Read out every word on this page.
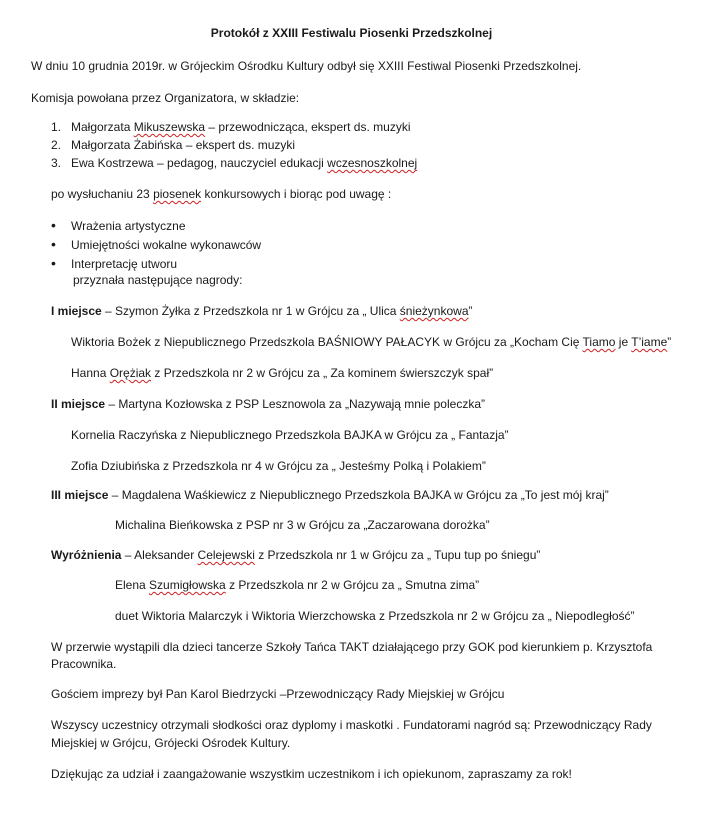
Protokół z XXIII Festiwalu Piosenki Przedszkolnej
W dniu 10 grudnia 2019r. w Grójeckim Ośrodku Kultury odbył się XXIII Festiwal Piosenki Przedszkolnej.
Komisja powołana przez Organizatora, w składzie:
1. Małgorzata Mikuszewska – przewodnicząca, ekspert ds. muzyki
2. Małgorzata Żabińska – ekspert ds. muzyki
3. Ewa Kostrzewa – pedagog, nauczyciel edukacji wczesnoszkolnej
po wysłuchaniu 23 piosenek konkursowych i biorąc pod uwagę :
• Wrażenia artystyczne
• Umiejętności wokalne wykonawców
• Interpretację utworu
przyznała następujące nagrody:
I miejsce – Szymon Żyłka z Przedszkola nr 1 w Grójcu za „ Ulica śnieżynkowa”
Wiktoria Bożek z Niepublicznego Przedszkola BAŚNIOWY PAŁACYK w Grójcu za „Kocham Cię Tiamo je T’iame”
Hanna Orężiak z Przedszkola nr 2 w Grójcu za „ Za kominem świerszczyk spał”
II miejsce – Martyna Kozłowska z PSP Lesznowola za „Nazywają mnie poleczka”
Kornelia Raczyńska z Niepublicznego Przedszkola BAJKA w Grójcu za „ Fantazja”
Zofia Dziubińska z Przedszkola nr 4 w Grójcu za „ Jesteśmy Polką i Polakiem”
III miejsce – Magdalena Waśkiewicz z Niepublicznego Przedszkola BAJKA w Grójcu za „To jest mój kraj”
Michalina Bieńkowska z PSP nr 3 w Grójcu za „Zaczarowana dorożka”
Wyróżnienia – Aleksander Celejewski z Przedszkola nr 1 w Grójcu za „ Tupu tup po śniegu”
Elena Szumigłowska z Przedszkola nr 2 w Grójcu za „ Smutna zima”
duet Wiktoria Malarczyk i Wiktoria Wierzchowska z Przedszkola nr 2 w Grójcu za „ Niepodległość”
W przerwie wystąpili dla dzieci tancerze Szkoły Tańca TAKT działającego przy GOK pod kierunkiem p. Krzysztofa
Pracownika.
Gościem imprezy był Pan Karol Biedrzycki –Przewodniczący Rady Miejskiej w Grójcu
Wszyscy uczestnicy otrzymali słodkości oraz dyplomy i maskotki . Fundatorami nagród są: Przewodniczący Rady
Miejskiej w Grójcu, Grójecki Ośrodek Kultury.
Dziękując za udział i zaangażowanie wszystkim uczestnikom i ich opiekunom, zapraszamy za rok!
